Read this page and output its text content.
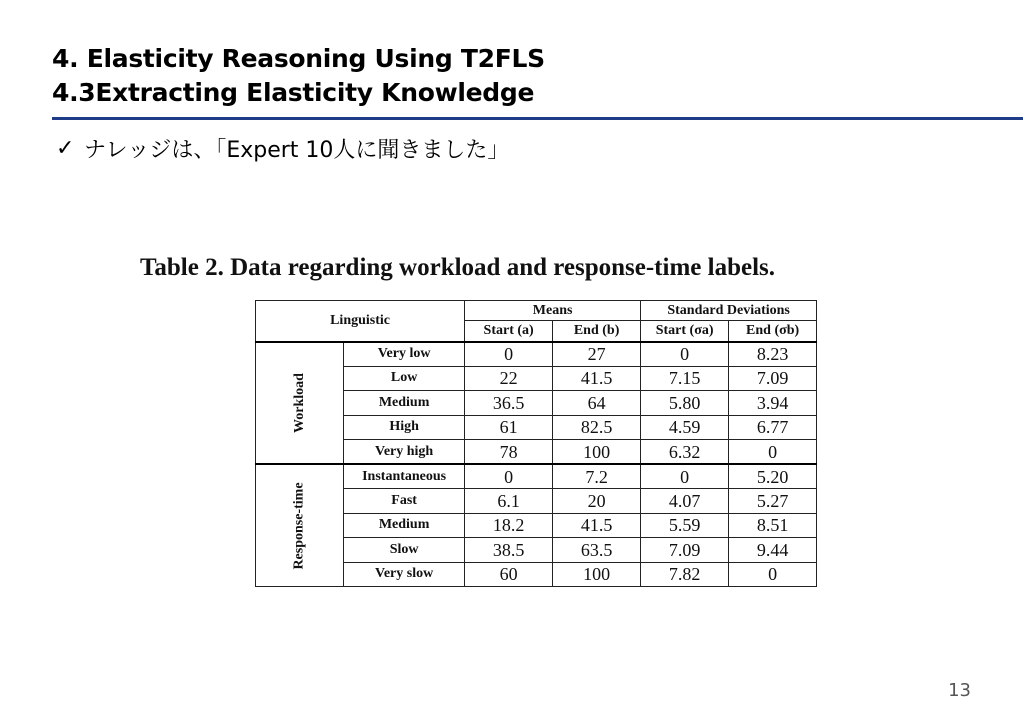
4. Elasticity Reasoning Using T2FLS
4.3Extracting Elasticity Knowledge
✓ ナレッジは、「Expert 10人に聞きました」
Table 2. Data regarding workload and response-time labels.
Linguistic		Means		Standard Deviations	
		Start (a)	End (b)	Start (σa)	End (σb)
Workload	Very low	0	27	0	8.23
	Low	22	41.5	7.15	7.09
	Medium	36.5	64	5.80	3.94
	High	61	82.5	4.59	6.77
	Very high	78	100	6.32	0
Response-time	Instantaneous	0	7.2	0	5.20
	Fast	6.1	20	4.07	5.27
	Medium	18.2	41.5	5.59	8.51
	Slow	38.5	63.5	7.09	9.44
	Very slow	60	100	7.82	0
13
